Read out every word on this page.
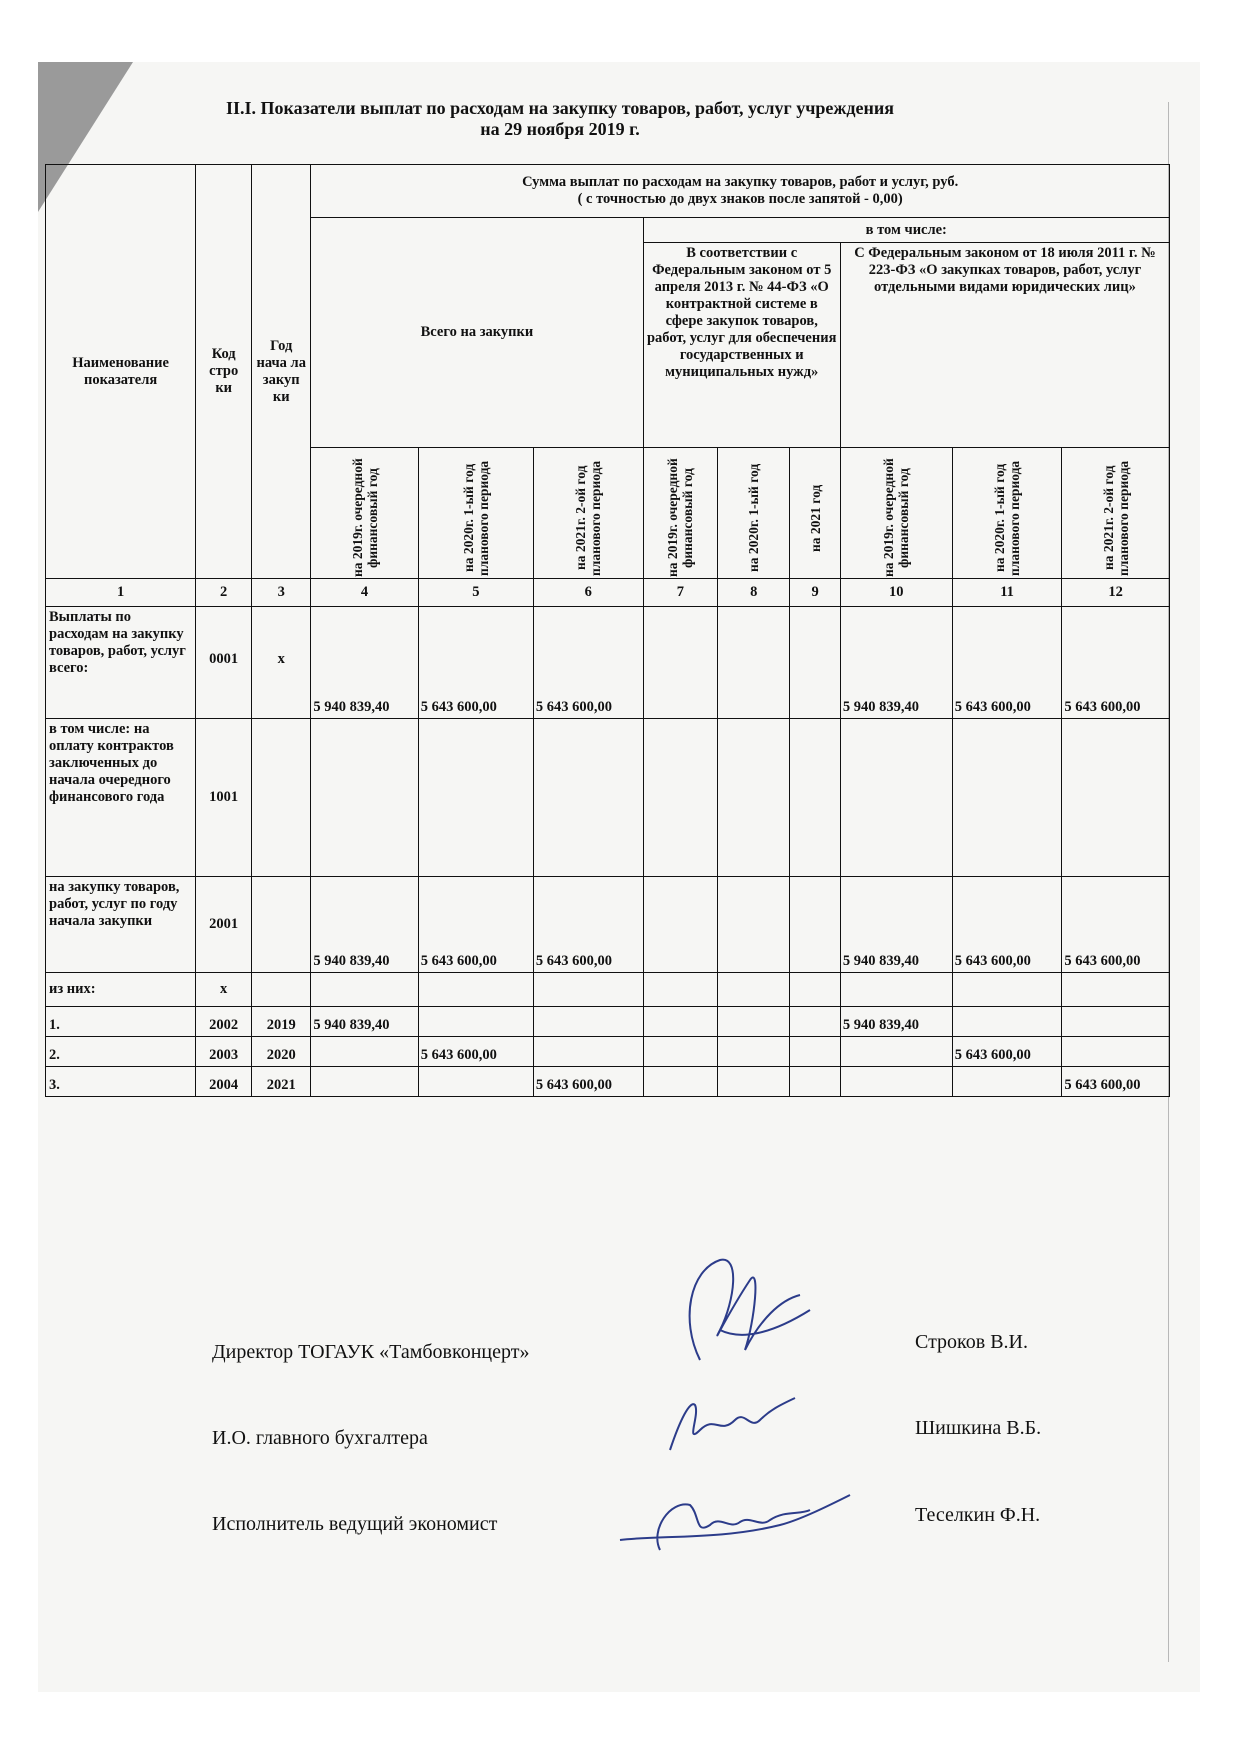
II.I. Показатели выплат по расходам на закупку товаров, работ, услуг учреждения
на 29 ноября 2019 г.
Наименование показателя	Код стро ки	Год нача ла закуп ки	Сумма выплат по расходам на закупку товаров, работ и услуг, руб.
( с точностью до двух знаков после запятой - 0,00)								

			Всего на закупки			в том числе:					
						В соответствии с Федеральным законом от 5 апреля 2013 г. № 44-ФЗ «О контрактной системе в сфере закупок товаров, работ, услуг для обеспечения государственных и муниципальных нужд»			С Федеральным законом от 18 июля 2011 г. № 223-ФЗ «О закупках товаров, работ, услуг отдельными видами юридических лиц»		

			на 2019г. очередной финансовый год	на 2020г. 1-ый год планового периода	на 2021г. 2-ой год планового периода	на 2019г. очередной финансовый год	на 2020г. 1-ый год	на 2021 год	на 2019г. очередной финансовый год	на 2020г. 1-ый год планового периода	на 2021г. 2-ой год планового периода

1	2	3	4	5	6	7	8	9	10	11	12
Выплаты по расходам на закупку товаров, работ, услуг всего:	0001	x	5 940 839,40	5 643 600,00	5 643 600,00				5 940 839,40	5 643 600,00	5 643 600,00
в том числе: на оплату контрактов заключенных до начала очередного финансового года	1001										
на закупку товаров, работ, услуг по году начала закупки	2001		5 940 839,40	5 643 600,00	5 643 600,00				5 940 839,40	5 643 600,00	5 643 600,00
из них:	x										
1.	2002	2019	5 940 839,40						5 940 839,40		
2.	2003	2020		5 643 600,00						5 643 600,00	
3.	2004	2021			5 643 600,00						5 643 600,00
Директор ТОГАУК «Тамбовконцерт»	Строков В.И.
И.О. главного бухгалтера	Шишкина В.Б.
Исполнитель ведущий экономист	Теселкин Ф.Н.
